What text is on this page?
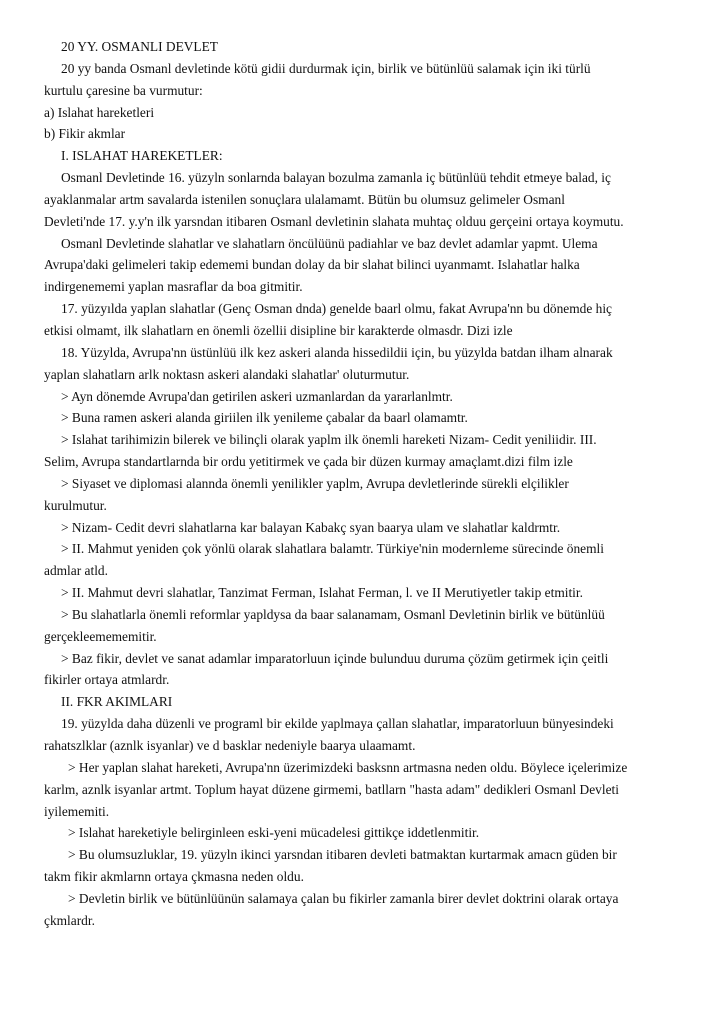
20 YY. OSMANLI DEVLET
20 yy banda Osmanl devletinde kötü gidii durdurmak için, birlik ve bütünlüü salamak için iki türlü
kurtulu çaresine ba vurmutur:
a) Islahat hareketleri
b) Fikir akmlar
I. ISLAHAT HAREKETLER:
Osmanl Devletinde 16. yüzyln sonlarnda balayan bozulma zamanla iç bütünlüü tehdit etmeye balad, iç
ayaklanmalar artm savalarda istenilen sonuçlara ulalamamt. Bütün bu olumsuz gelimeler Osmanl
Devleti'nde 17. y.y'n ilk yarsndan itibaren Osmanl devletinin slahata muhtaç olduu gerçeini ortaya koymutu.
Osmanl Devletinde slahatlar ve slahatlarn öncülüünü padiahlar ve baz devlet adamlar yapmt. Ulema
Avrupa'daki gelimeleri takip edememi bundan dolay da bir slahat bilinci uyanmamt. Islahatlar halka
indirgenememi yaplan masraflar da boa gitmitir.
17. yüzyılda yaplan slahatlar (Genç Osman dnda) genelde baarl olmu, fakat Avrupa'nn bu dönemde hiç
etkisi olmamt, ilk slahatlarn en önemli özellii disipline bir karakterde olmasdr. Dizi izle
18. Yüzylda, Avrupa'nn üstünlüü ilk kez askeri alanda hissedildii için, bu yüzylda batdan ilham alnarak
yaplan slahatlarn arlk noktasn askeri alandaki slahatlar' oluturmutur.
> Ayn dönemde Avrupa'dan getirilen askeri uzmanlardan da yararlanlmtr.
> Buna ramen askeri alanda giriilen ilk yenileme çabalar da baarl olamamtr.
> Islahat tarihimizin bilerek ve bilinçli olarak yaplm ilk önemli hareketi Nizam- Cedit yeniliidir. III.
Selim, Avrupa standartlarnda bir ordu yetitirmek ve çada bir düzen kurmay amaçlamt.dizi film izle
> Siyaset ve diplomasi alannda önemli yenilikler yaplm, Avrupa devletlerinde sürekli elçilikler
kurulmutur.
> Nizam- Cedit devri slahatlarna kar balayan Kabakç syan baarya ulam ve slahatlar kaldrmtr.
> II. Mahmut yeniden çok yönlü olarak slahatlara balamtr. Türkiye'nin modernleme sürecinde önemli
admlar atld.
> II. Mahmut devri slahatlar, Tanzimat Ferman, Islahat Ferman, l. ve II Merutiyetler takip etmitir.
> Bu slahatlarla önemli reformlar yapldysa da baar salanamam, Osmanl Devletinin birlik ve bütünlüü
gerçekleemememitir.
> Baz fikir, devlet ve sanat adamlar imparatorluun içinde bulunduu duruma çözüm getirmek için çeitli
fikirler ortaya atmlardr.
II. FKR AKIMLARI
19. yüzylda daha düzenli ve programl bir ekilde yaplmaya çallan slahatlar, imparatorluun bünyesindeki
rahatszlklar (aznlk isyanlar) ve d basklar nedeniyle baarya ulaamamt.
> Her yaplan slahat hareketi, Avrupa'nn üzerimizdeki basksnn artmasna neden oldu. Böylece içelerimize
karlm, aznlk isyanlar artmt. Toplum hayat düzene girmemi, batllarn "hasta adam" dedikleri Osmanl Devleti
iyilememiti.
> Islahat hareketiyle belirginleen eski-yeni mücadelesi gittikçe iddetlenmitir.
> Bu olumsuzluklar, 19. yüzyln ikinci yarsndan itibaren devleti batmaktan kurtarmak amacn güden bir
takm fikir akmlarnn ortaya çkmasna neden oldu.
> Devletin birlik ve bütünlüünün salamaya çalan bu fikirler zamanla birer devlet doktrini olarak ortaya
çkmlardr.
